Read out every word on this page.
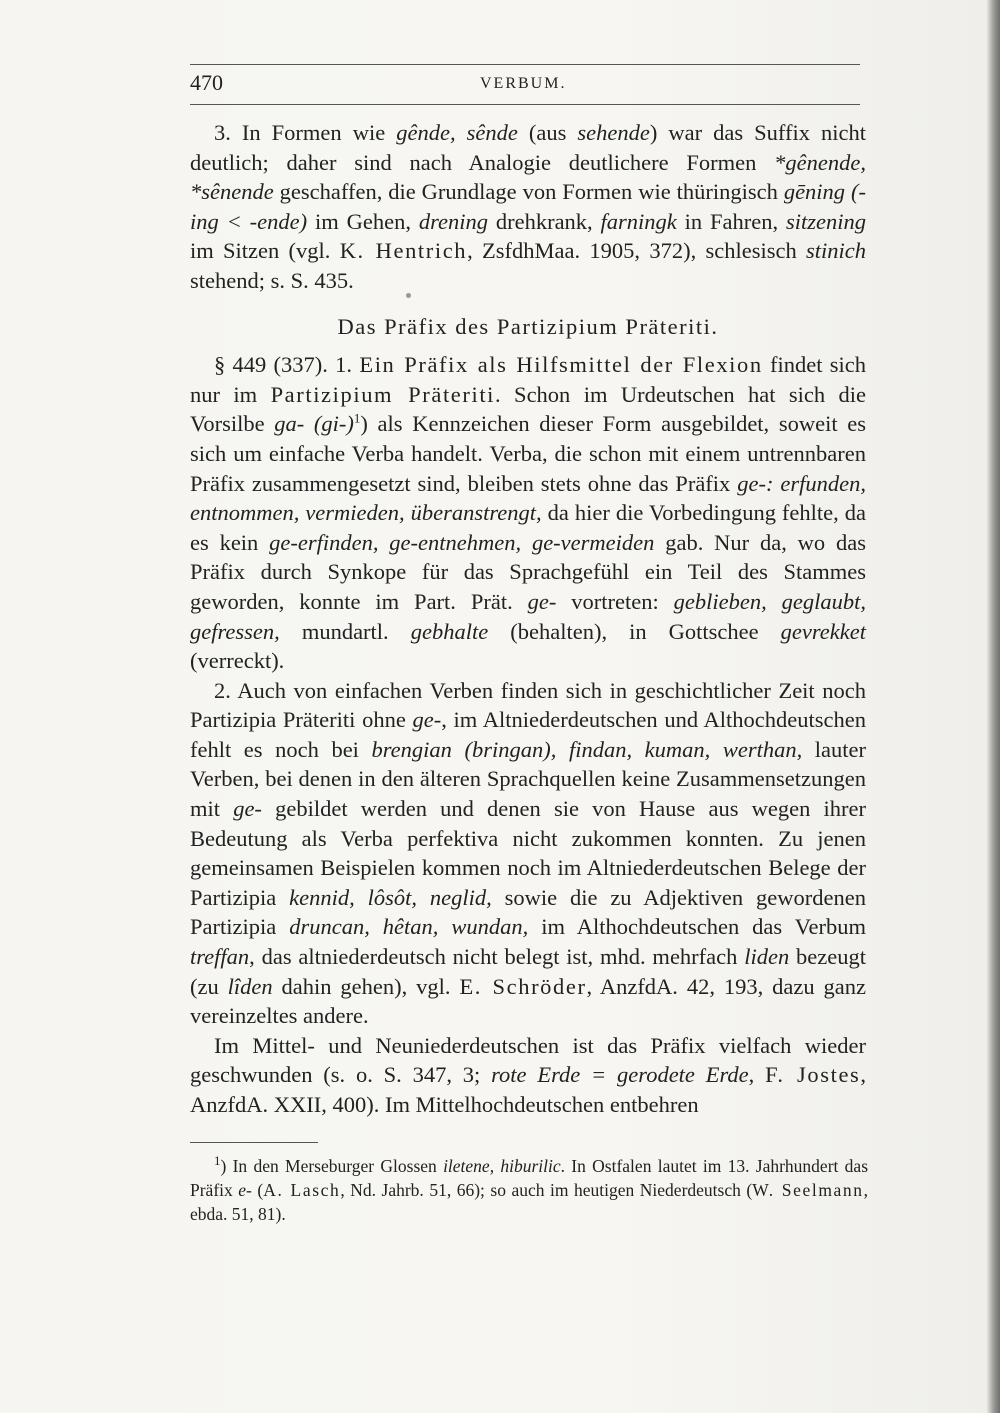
470	VERBUM.

3. In Formen wie gênde, sênde (aus sehende) war das Suffix nicht deutlich; daher sind nach Analogie deutlichere Formen *gênende, *sênende geschaffen, die Grundlage von Formen wie thüringisch gēning (-ing < -ende) im Gehen, drening drehkrank, farningk in Fahren, sitzening im Sitzen (vgl. K. Hentrich, ZsfdhMaa. 1905, 372), schlesisch stinich stehend; s. S. 435.

Das Präfix des Partizipium Präteriti.

§ 449 (337). 1. Ein Präfix als Hilfsmittel der Flexion findet sich nur im Partizipium Präteriti. Schon im Urdeutschen hat sich die Vorsilbe ga- $(gi-)^1$) als Kennzeichen dieser Form ausgebildet, soweit es sich um einfache Verba handelt. Verba, die schon mit einem untrennbaren Präfix zusammengesetzt sind, bleiben stets ohne das Präfix ge-: erfunden, entnommen, vermieden, überanstrengt, da hier die Vorbedingung fehlte, da es kein ge-erfinden, ge-entnehmen, ge-vermeiden gab. Nur da, wo das Präfix durch Synkope für das Sprachgefühl ein Teil des Stammes geworden, konnte im Part. Prät. ge- vortreten: geblieben, geglaubt, gefressen, mundartl. gebhalte (behalten), in Gottschee gevrekket (verreckt).

2. Auch von einfachen Verben finden sich in geschichtlicher Zeit noch Partizipia Präteriti ohne ge-, im Altniederdeutschen und Althochdeutschen fehlt es noch bei brengian (bringan), findan, kuman, werthan, lauter Verben, bei denen in den älteren Sprachquellen keine Zusammensetzungen mit ge- gebildet werden und denen sie von Hause aus wegen ihrer Bedeutung als Verba perfektiva nicht zukommen konnten. Zu jenen gemeinsamen Beispielen kommen noch im Altniederdeutschen Belege der Partizipia kennid, lôsôt, neglid, sowie die zu Adjektiven gewordenen Partizipia druncan, hêtan, wundan, im Althochdeutschen das Verbum treffan, das altniederdeutsch nicht belegt ist, mhd. mehrfach liden bezeugt (zu lîden dahin gehen), vgl. E. Schröder, AnzfdA. 42, 193, dazu ganz vereinzeltes andere.

Im Mittel- und Neuniederdeutschen ist das Präfix vielfach wieder geschwunden (s. o. S. 347, 3; rote Erde = gerodete Erde, F. Jostes, AnzfdA. XXII, 400). Im Mittelhochdeutschen entbehren

$^1$) In den Merseburger Glossen iletene, hiburilic. In Ostfalen lautet im 13. Jahrhundert das Präfix e- (A. Lasch, Nd. Jahrb. 51, 66); so auch im heutigen Niederdeutsch (W. Seelmann, ebda. 51, 81).
